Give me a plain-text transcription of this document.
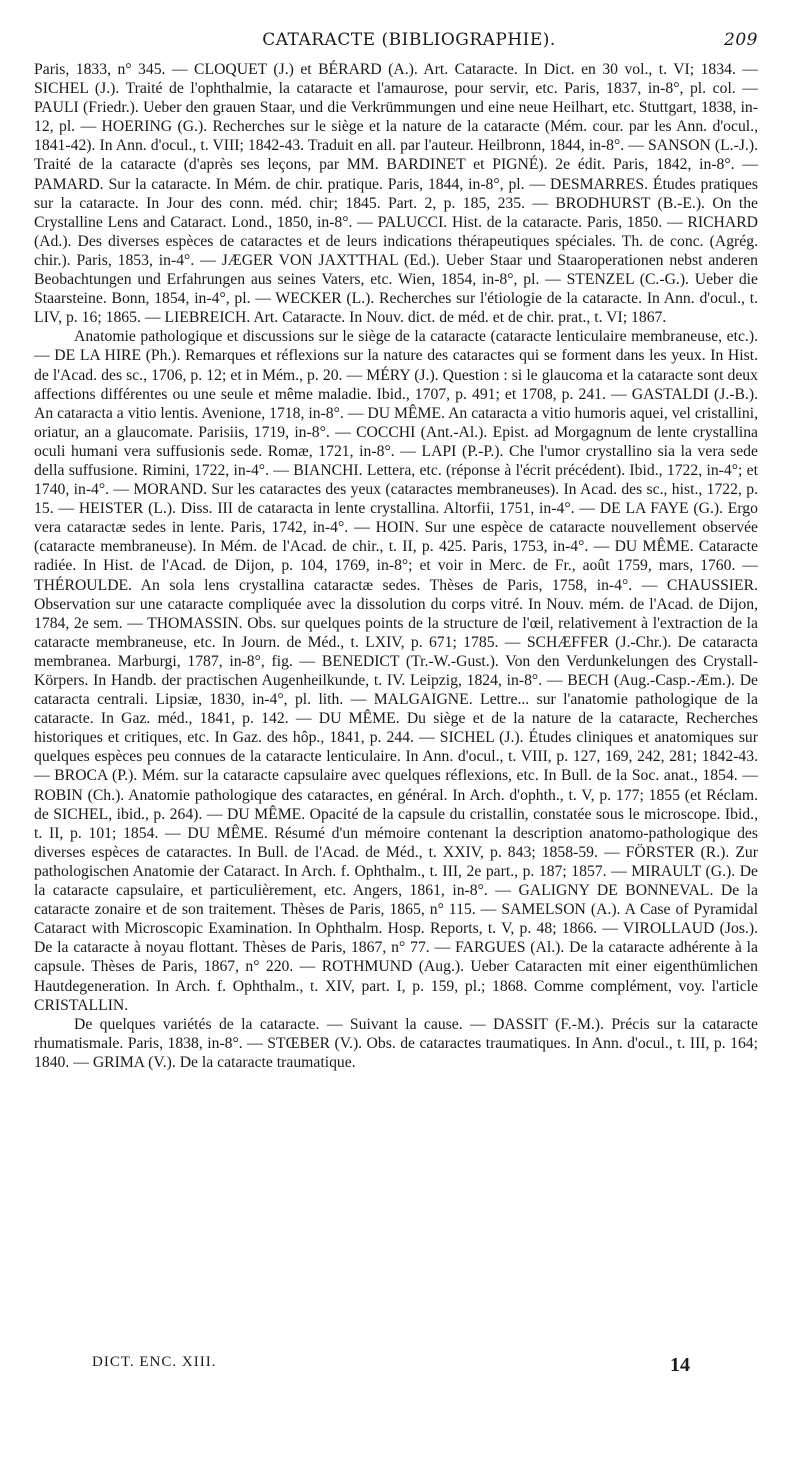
CATARACTE (BIBLIOGRAPHIE).	209

Paris, 1833, n° 345. — CLOQUET (J.) et BÉRARD (A.). Art. Cataracte. In Dict. en 30 vol., t. VI; 1834. — SICHEL (J.). Traité de l'ophthalmie, la cataracte et l'amaurose, pour servir, etc. Paris, 1837, in-8°, pl. col. — PAULI (Friedr.). Ueber den grauen Staar, und die Verkrümmungen und eine neue Heilhart, etc. Stuttgart, 1838, in-12, pl. — HOERING (G.). Recherches sur le siège et la nature de la cataracte (Mém. cour. par les Ann. d'ocul., 1841-42). In Ann. d'ocul., t. VIII; 1842-43. Traduit en all. par l'auteur. Heilbronn, 1844, in-8°. — SANSON (L.-J.). Traité de la cataracte (d'après ses leçons, par MM. BARDINET et PIGNÉ). 2e édit. Paris, 1842, in-8°. — PAMARD. Sur la cataracte. In Mém. de chir. pratique. Paris, 1844, in-8°, pl. — DESMARRES. Études pratiques sur la cataracte. In Jour des conn. méd. chir; 1845. Part. 2, p. 185, 235. — BRODHURST (B.-E.). On the Crystalline Lens and Cataract. Lond., 1850, in-8°. — PALUCCI. Hist. de la cataracte. Paris, 1850. — RICHARD (Ad.). Des diverses espèces de cataractes et de leurs indications thérapeutiques spéciales. Th. de conc. (Agrég. chir.). Paris, 1853, in-4°. — JÆGER VON JAXTTHAL (Ed.). Ueber Staar und Staaroperationen nebst anderen Beobachtungen und Erfahrungen aus seines Vaters, etc. Wien, 1854, in-8°, pl. — STENZEL (C.-G.). Ueber die Staarsteine. Bonn, 1854, in-4°, pl. — WECKER (L.). Recherches sur l'étiologie de la cataracte. In Ann. d'ocul., t. LIV, p. 16; 1865. — LIEBREICH. Art. Cataracte. In Nouv. dict. de méd. et de chir. prat., t. VI; 1867.

Anatomie pathologique et discussions sur le siège de la cataracte (cataracte lenticulaire membraneuse, etc.). — DE LA HIRE (Ph.). Remarques et réflexions sur la nature des cataractes qui se forment dans les yeux. In Hist. de l'Acad. des sc., 1706, p. 12; et in Mém., p. 20. — MÉRY (J.). Question : si le glaucoma et la cataracte sont deux affections différentes ou une seule et même maladie. Ibid., 1707, p. 491; et 1708, p. 241. — GASTALDI (J.-B.). An cataracta a vitio lentis. Avenione, 1718, in-8°. — DU MÊME. An cataracta a vitio humoris aquei, vel cristallini, oriatur, an a glaucomate. Parisiis, 1719, in-8°. — COCCHI (Ant.-Al.). Epist. ad Morgagnum de lente crystallina oculi humani vera suffusionis sede. Romæ, 1721, in-8°. — LAPI (P.-P.). Che l'umor crystallino sia la vera sede della suffusione. Rimini, 1722, in-4°. — BIANCHI. Lettera, etc. (réponse à l'écrit précédent). Ibid., 1722, in-4°; et 1740, in-4°. — MORAND. Sur les cataractes des yeux (cataractes membraneuses). In Acad. des sc., hist., 1722, p. 15. — HEISTER (L.). Diss. III de cataracta in lente crystallina. Altorfii, 1751, in-4°. — DE LA FAYE (G.). Ergo vera cataractæ sedes in lente. Paris, 1742, in-4°. — HOIN. Sur une espèce de cataracte nouvellement observée (cataracte membraneuse). In Mém. de l'Acad. de chir., t. II, p. 425. Paris, 1753, in-4°. — DU MÊME. Cataracte radiée. In Hist. de l'Acad. de Dijon, p. 104, 1769, in-8°; et voir in Merc. de Fr., août 1759, mars, 1760. — THÉROULDE. An sola lens crystallina cataractæ sedes. Thèses de Paris, 1758, in-4°. — CHAUSSIER. Observation sur une cataracte compliquée avec la dissolution du corps vitré. In Nouv. mém. de l'Acad. de Dijon, 1784, 2e sem. — THOMASSIN. Obs. sur quelques points de la structure de l'œil, relativement à l'extraction de la cataracte membraneuse, etc. In Journ. de Méd., t. LXIV, p. 671; 1785. — SCHÆFFER (J.-Chr.). De cataracta membranea. Marburgi, 1787, in-8°, fig. — BENEDICT (Tr.-W.-Gust.). Von den Verdunkelungen des Crystall-Körpers. In Handb. der practischen Augenheilkunde, t. IV. Leipzig, 1824, in-8°. — BECH (Aug.-Casp.-Æm.). De cataracta centrali. Lipsiæ, 1830, in-4°, pl. lith. — MALGAIGNE. Lettre... sur l'anatomie pathologique de la cataracte. In Gaz. méd., 1841, p. 142. — DU MÊME. Du siège et de la nature de la cataracte, Recherches historiques et critiques, etc. In Gaz. des hôp., 1841, p. 244. — SICHEL (J.). Études cliniques et anatomiques sur quelques espèces peu connues de la cataracte lenticulaire. In Ann. d'ocul., t. VIII, p. 127, 169, 242, 281; 1842-43. — BROCA (P.). Mém. sur la cataracte capsulaire avec quelques réflexions, etc. In Bull. de la Soc. anat., 1854. — ROBIN (Ch.). Anatomie pathologique des cataractes, en général. In Arch. d'ophth., t. V, p. 177; 1855 (et Réclam. de SICHEL, ibid., p. 264). — DU MÊME. Opacité de la capsule du cristallin, constatée sous le microscope. Ibid., t. II, p. 101; 1854. — DU MÊME. Résumé d'un mémoire contenant la description anatomo-pathologique des diverses espèces de cataractes. In Bull. de l'Acad. de Méd., t. XXIV, p. 843; 1858-59. — FÖRSTER (R.). Zur pathologischen Anatomie der Cataract. In Arch. f. Ophthalm., t. III, 2e part., p. 187; 1857. — MIRAULT (G.). De la cataracte capsulaire, et particulièrement, etc. Angers, 1861, in-8°. — GALIGNY DE BONNEVAL. De la cataracte zonaire et de son traitement. Thèses de Paris, 1865, n° 115. — SAMELSON (A.). A Case of Pyramidal Cataract with Microscopic Examination. In Ophthalm. Hosp. Reports, t. V, p. 48; 1866. — VIROLLAUD (Jos.). De la cataracte à noyau flottant. Thèses de Paris, 1867, n° 77. — FARGUES (Al.). De la cataracte adhérente à la capsule. Thèses de Paris, 1867, n° 220. — ROTHMUND (Aug.). Ueber Cataracten mit einer eigenthümlichen Hautdegeneration. In Arch. f. Ophthalm., t. XIV, part. I, p. 159, pl.; 1868. Comme complément, voy. l'article CRISTALLIN.

De quelques variétés de la cataracte. — Suivant la cause. — DASSIT (F.-M.). Précis sur la cataracte rhumatismale. Paris, 1838, in-8°. — STŒBER (V.). Obs. de cataractes traumatiques. In Ann. d'ocul., t. III, p. 164; 1840. — GRIMA (V.). De la cataracte traumatique.

DICT. ENC. XIII.	14
